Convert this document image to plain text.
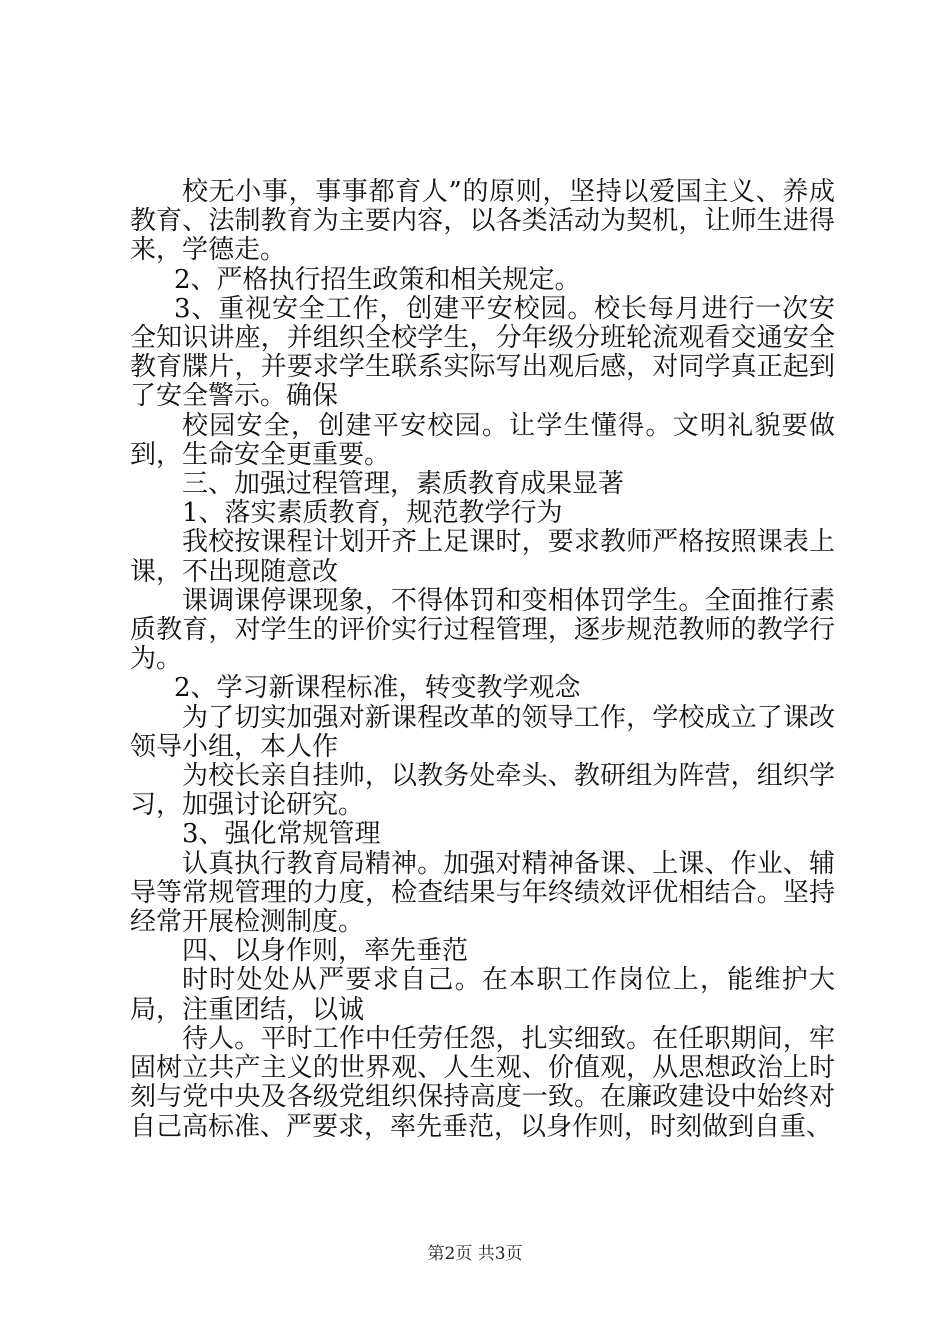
校无小事，事事都育人”的原则，坚持以爱国主义、养成教育、法制教育为主要内容，以各类活动为契机，让师生进得来，学德走。

2、严格执行招生政策和相关规定。

3、重视安全工作，创建平安校园。校长每月进行一次安全知识讲座，并组织全校学生，分年级分班轮流观看交通安全教育牒片，并要求学生联系实际写出观后感，对同学真正起到了安全警示。确保

校园安全，创建平安校园。让学生懂得。文明礼貌要做到，生命安全更重要。

三、加强过程管理，素质教育成果显著

1、落实素质教育，规范教学行为

我校按课程计划开齐上足课时，要求教师严格按照课表上课，不出现随意改

课调课停课现象，不得体罚和变相体罚学生。全面推行素质教育，对学生的评价实行过程管理，逐步规范教师的教学行为。

2、学习新课程标准，转变教学观念

为了切实加强对新课程改革的领导工作，学校成立了课改领导小组，本人作

为校长亲自挂帅，以教务处牵头、教研组为阵营，组织学习，加强讨论研究。

3、强化常规管理

认真执行教育局精神。加强对精神备课、上课、作业、辅导等常规管理的力度，检查结果与年终绩效评优相结合。坚持经常开展检测制度。

四、以身作则，率先垂范

时时处处从严要求自己。在本职工作岗位上，能维护大局，注重团结，以诚

待人。平时工作中任劳任怨，扎实细致。在任职期间，牢固树立共产主义的世界观、人生观、价值观，从思想政治上时刻与党中央及各级党组织保持高度一致。在廉政建设中始终对自己高标准、严要求，率先垂范，以身作则，时刻做到自重、

第2页 共3页
